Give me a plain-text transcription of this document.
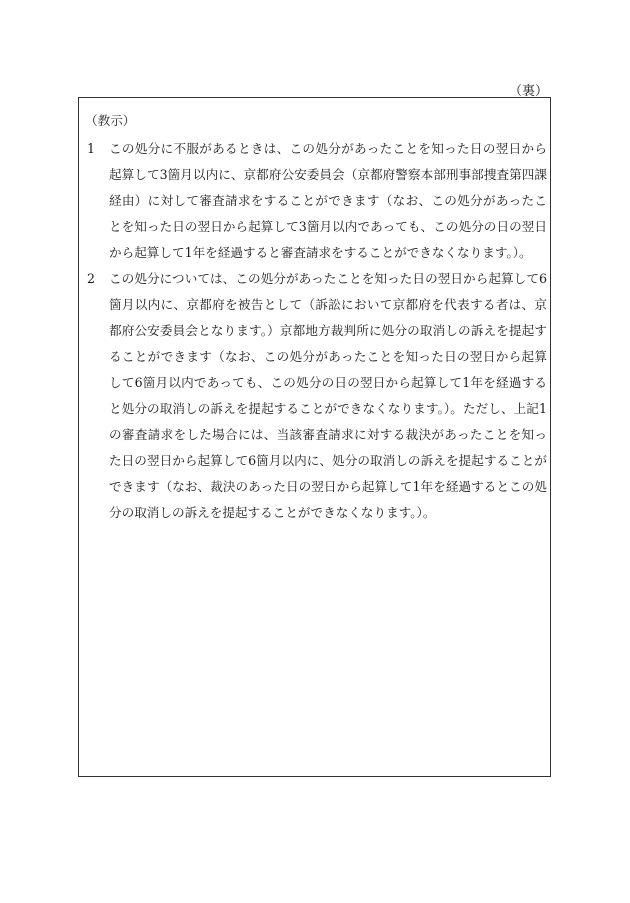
（裏）
（教示）
1	この処分に不服があるときは、この処分があったことを知った日の翌日から起算して3箇月以内に、京都府公安委員会（京都府警察本部刑事部捜査第四課経由）に対して審査請求をすることができます（なお、この処分があったことを知った日の翌日から起算して3箇月以内であっても、この処分の日の翌日から起算して1年を経過すると審査請求をすることができなくなります。）。
2	この処分については、この処分があったことを知った日の翌日から起算して6箇月以内に、京都府を被告として（訴訟において京都府を代表する者は、京都府公安委員会となります。）京都地方裁判所に処分の取消しの訴えを提起することができます（なお、この処分があったことを知った日の翌日から起算して6箇月以内であっても、この処分の日の翌日から起算して1年を経過すると処分の取消しの訴えを提起することができなくなります。）。ただし、上記1の審査請求をした場合には、当該審査請求に対する裁決があったことを知った日の翌日から起算して6箇月以内に、処分の取消しの訴えを提起することができます（なお、裁決のあった日の翌日から起算して1年を経過するとこの処分の取消しの訴えを提起することができなくなります。）。
